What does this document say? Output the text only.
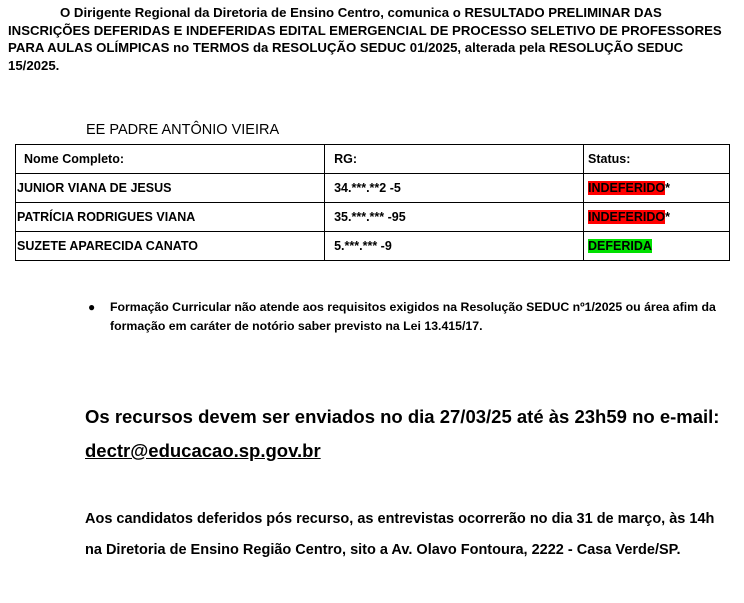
O Dirigente Regional da Diretoria de Ensino Centro, comunica o RESULTADO PRELIMINAR DAS INSCRIÇÕES DEFERIDAS E INDEFERIDAS EDITAL EMERGENCIAL DE PROCESSO SELETIVO DE PROFESSORES PARA AULAS OLÍMPICAS no TERMOS da RESOLUÇÃO SEDUC 01/2025, alterada pela RESOLUÇÃO SEDUC 15/2025.

EE PADRE ANTÔNIO VIEIRA

Nome Completo:	RG:	Status:
JUNIOR VIANA DE JESUS	34.***.**2 -5	INDEFERIDO*
PATRÍCIA RODRIGUES VIANA	35.***.*** -95	INDEFERIDO*
SUZETE APARECIDA CANATO	5.***.*** -9	DEFERIDA
● Formação Curricular não atende aos requisitos exigidos na Resolução SEDUC nº1/2025 ou área afim da formação em caráter de notório saber previsto na Lei 13.415/17.

Os recursos devem ser enviados no dia 27/03/25 até às 23h59 no e-mail:
dectr@educacao.sp.gov.br

Aos candidatos deferidos pós recurso, as entrevistas ocorrerão no dia 31 de março, às 14h na Diretoria de Ensino Região Centro, sito a Av. Olavo Fontoura, 2222 - Casa Verde/SP.
